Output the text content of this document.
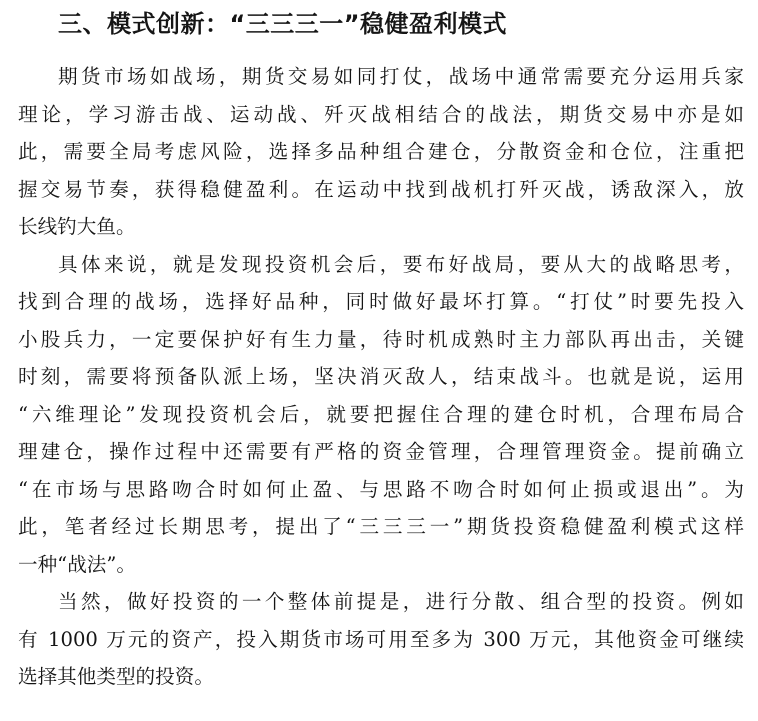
三、模式创新：“三三三一”稳健盈利模式

期货市场如战场，期货交易如同打仗，战场中通常需要充分运用兵家
理论，学习游击战、运动战、歼灭战相结合的战法，期货交易中亦是如
此，需要全局考虑风险，选择多品种组合建仓，分散资金和仓位，注重把
握交易节奏，获得稳健盈利。在运动中找到战机打歼灭战，诱敌深入，放
长线钓大鱼。

具体来说，就是发现投资机会后，要布好战局，要从大的战略思考，
找到合理的战场，选择好品种，同时做好最坏打算。“打仗”时要先投入
小股兵力，一定要保护好有生力量，待时机成熟时主力部队再出击，关键
时刻，需要将预备队派上场，坚决消灭敌人，结束战斗。也就是说，运用
“六维理论”发现投资机会后，就要把握住合理的建仓时机，合理布局合
理建仓，操作过程中还需要有严格的资金管理，合理管理资金。提前确立
“在市场与思路吻合时如何止盈、与思路不吻合时如何止损或退出”。为
此，笔者经过长期思考，提出了“三三三一”期货投资稳健盈利模式这样
一种“战法”。

当然，做好投资的一个整体前提是，进行分散、组合型的投资。例如
有 1000 万元的资产，投入期货市场可用至多为 300 万元，其他资金可继续
选择其他类型的投资。
